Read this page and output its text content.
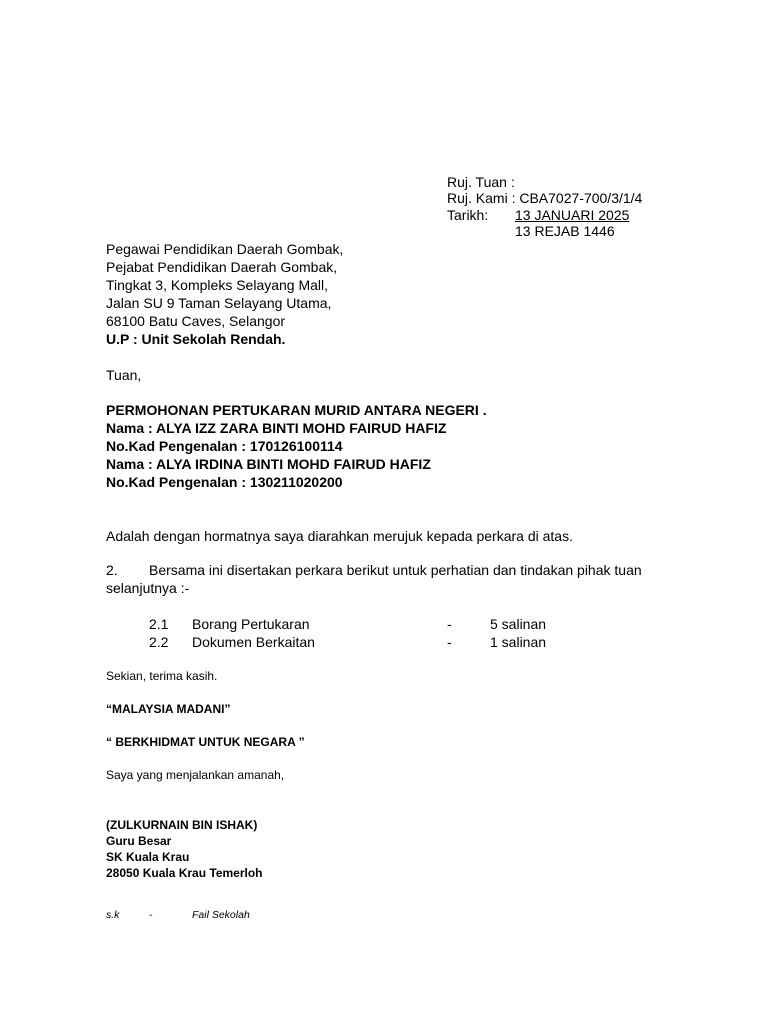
Ruj. Tuan :
Ruj. Kami : CBA7027-700/3/1/4
Tarikh: 13 JANUARI 2025
13 REJAB 1446
Pegawai Pendidikan Daerah Gombak,
Pejabat Pendidikan Daerah Gombak,
Tingkat 3, Kompleks Selayang Mall,
Jalan SU 9 Taman Selayang Utama,
68100 Batu Caves, Selangor
U.P : Unit Sekolah Rendah.
Tuan,
PERMOHONAN PERTUKARAN MURID ANTARA NEGERI .
Nama : ALYA IZZ ZARA BINTI MOHD FAIRUD HAFIZ
No.Kad Pengenalan : 170126100114
Nama : ALYA IRDINA BINTI MOHD FAIRUD HAFIZ
No.Kad Pengenalan : 130211020200
Adalah dengan hormatnya saya diarahkan merujuk kepada perkara di atas.
2. Bersama ini disertakan perkara berikut untuk perhatian dan tindakan pihak tuan
selanjutnya :-
2.1 Borang Pertukaran	-	5 salinan
2.2 Dokumen Berkaitan	-	1 salinan
Sekian, terima kasih.
“MALAYSIA MADANI”
“ BERKHIDMAT UNTUK NEGARA ”
Saya yang menjalankan amanah,
(ZULKURNAIN BIN ISHAK)
Guru Besar
SK Kuala Krau
28050 Kuala Krau Temerloh
s.k	-	Fail Sekolah
